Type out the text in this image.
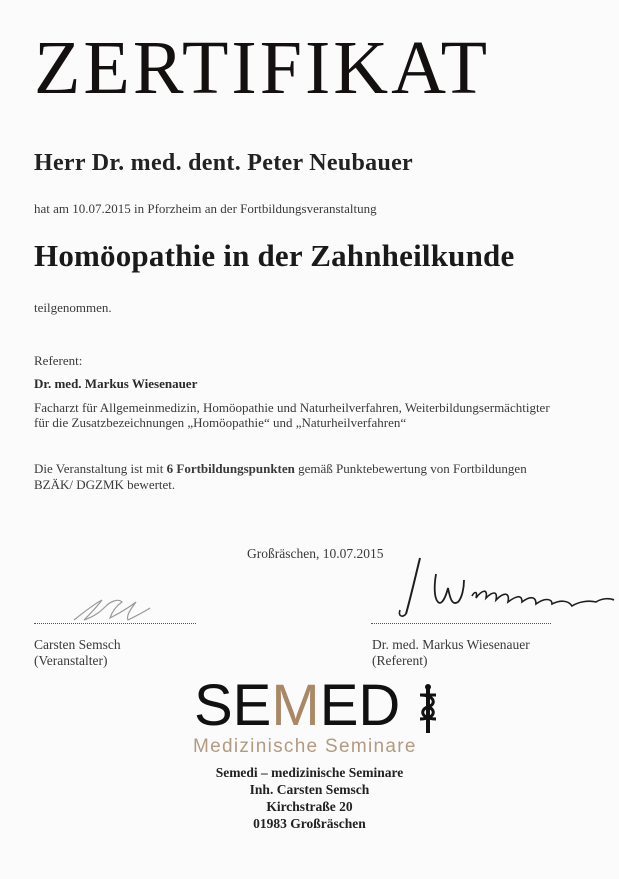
ZERTIFIKAT
Herr Dr. med. dent. Peter Neubauer
hat am 10.07.2015 in Pforzheim an der Fortbildungsveranstaltung
Homöopathie in der Zahnheilkunde
teilgenommen.
Referent:
Dr. med. Markus Wiesenauer
Facharzt für Allgemeinmedizin, Homöopathie und Naturheilverfahren, Weiterbildungsermächtigter
für die Zusatzbezeichnungen „Homöopathie“ und „Naturheilverfahren“
Die Veranstaltung ist mit 6 Fortbildungspunkten gemäß Punktebewertung von Fortbildungen
BZÄK/ DGZMK bewertet.
Großräschen, 10.07.2015
Carsten Semsch
(Veranstalter)
Dr. med. Markus Wiesenauer
(Referent)
SEMED
Medizinische Seminare
Semedi – medizinische Seminare
Inh. Carsten Semsch
Kirchstraße 20
01983 Großräschen
